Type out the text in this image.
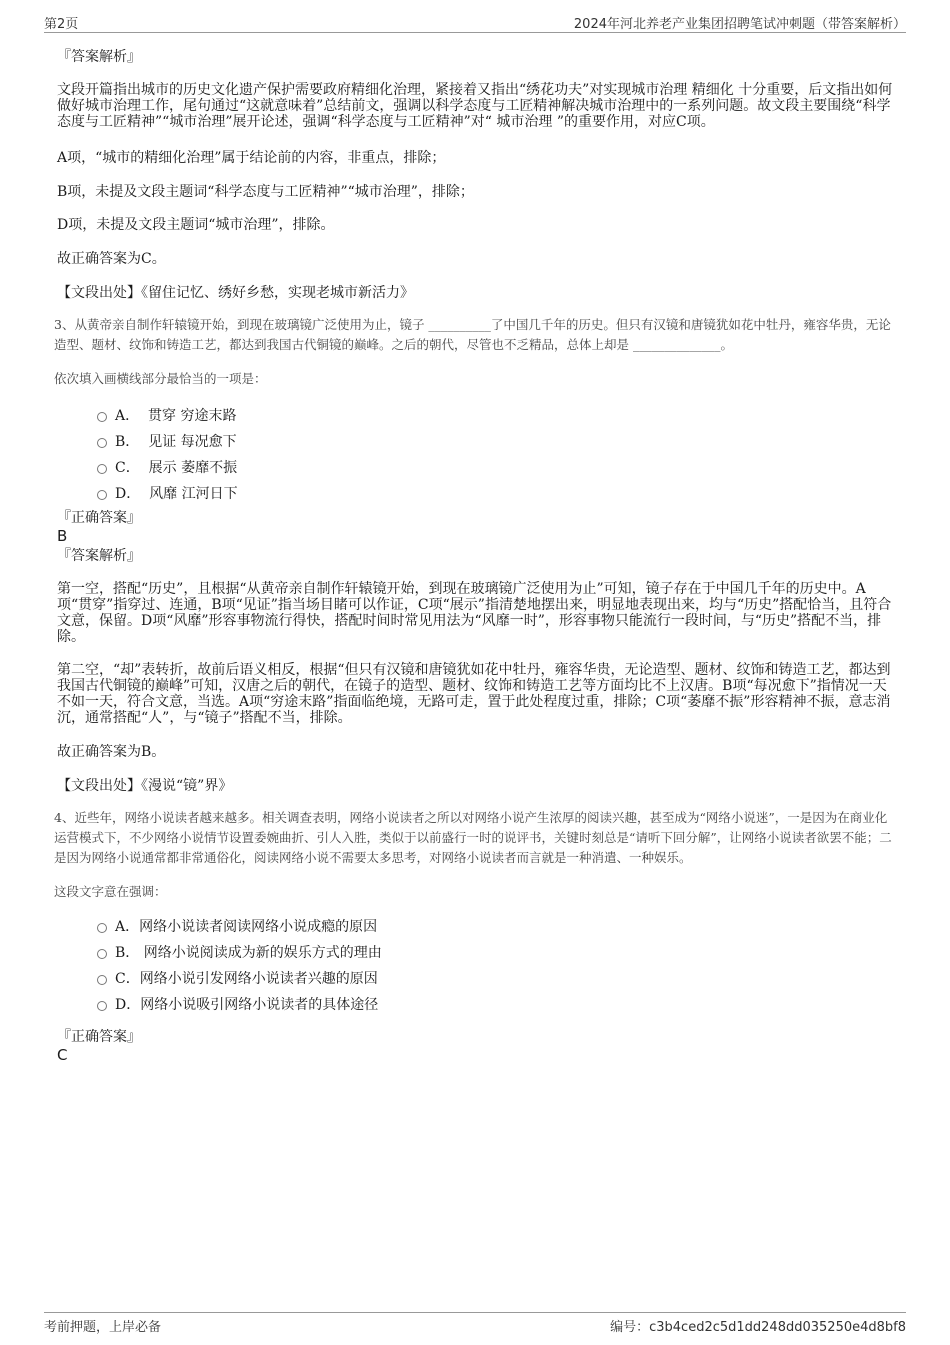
第2页	2024年河北养老产业集团招聘笔试冲刺题（带答案解析）

『答案解析』

文段开篇指出城市的历史文化遗产保护需要政府精细化治理，紧接着又指出“绣花功夫”对实现城市治理 精细化 十分重要，后文指出如何做好城市治理工作，尾句通过“这就意味着”总结前文，强调以科学态度与工匠精神解决城市治理中的一系列问题。故文段主要围绕“科学态度与工匠精神”“城市治理”展开论述，强调“科学态度与工匠精神”对“ 城市治理 ”的重要作用，对应C项。

A项，“城市的精细化治理”属于结论前的内容，非重点，排除；

B项，未提及文段主题词“科学态度与工匠精神”“城市治理”，排除；

D项，未提及文段主题词“城市治理”，排除。

故正确答案为C。

【文段出处】《留住记忆、绣好乡愁，实现老城市新活力》

3、从黄帝亲自制作轩辕镜开始，到现在玻璃镜广泛使用为止，镜子 __________了中国几千年的历史。但只有汉镜和唐镜犹如花中牡丹，雍容华贵，无论造型、题材、纹饰和铸造工艺，都达到我国古代铜镜的巅峰。之后的朝代，尽管也不乏精品，总体上却是 ______________。

依次填入画横线部分最恰当的一项是：

A． 贯穿 穷途末路
B． 见证 每况愈下
C． 展示 萎靡不振
D． 风靡 江河日下

『正确答案』

B

『答案解析』

第一空，搭配“历史”，且根据“从黄帝亲自制作轩辕镜开始，到现在玻璃镜广泛使用为止”可知，镜子存在于中国几千年的历史中。A项“贯穿”指穿过、连通，B项“见证”指当场目睹可以作证，C项“展示”指清楚地摆出来，明显地表现出来，均与“历史”搭配恰当，且符合文意，保留。D项“风靡”形容事物流行得快，搭配时间时常见用法为“风靡一时”，形容事物只能流行一段时间，与“历史”搭配不当，排除。

第二空，“却”表转折，故前后语义相反，根据“但只有汉镜和唐镜犹如花中牡丹，雍容华贵，无论造型、题材、纹饰和铸造工艺，都达到我国古代铜镜的巅峰”可知，汉唐之后的朝代，在镜子的造型、题材、纹饰和铸造工艺等方面均比不上汉唐。B项“每况愈下”指情况一天不如一天，符合文意，当选。A项“穷途末路”指面临绝境，无路可走，置于此处程度过重，排除；C项“萎靡不振”形容精神不振，意志消沉，通常搭配“人”，与“镜子”搭配不当，排除。

故正确答案为B。

【文段出处】《漫说“镜”界》

4、近些年，网络小说读者越来越多。相关调查表明，网络小说读者之所以对网络小说产生浓厚的阅读兴趣，甚至成为“网络小说迷”，一是因为在商业化运营模式下，不少网络小说情节设置委婉曲折、引人入胜，类似于以前盛行一时的说评书，关键时刻总是“请听下回分解”，让网络小说读者欲罢不能；二是因为网络小说通常都非常通俗化，阅读网络小说不需要太多思考，对网络小说读者而言就是一种消遣、一种娱乐。

这段文字意在强调：

A．网络小说读者阅读网络小说成瘾的原因
B． 网络小说阅读成为新的娱乐方式的理由
C．网络小说引发网络小说读者兴趣的原因
D．网络小说吸引网络小说读者的具体途径

『正确答案』

C

考前押题，上岸必备	编号：c3b4ced2c5d1dd248dd035250e4d8bf8
